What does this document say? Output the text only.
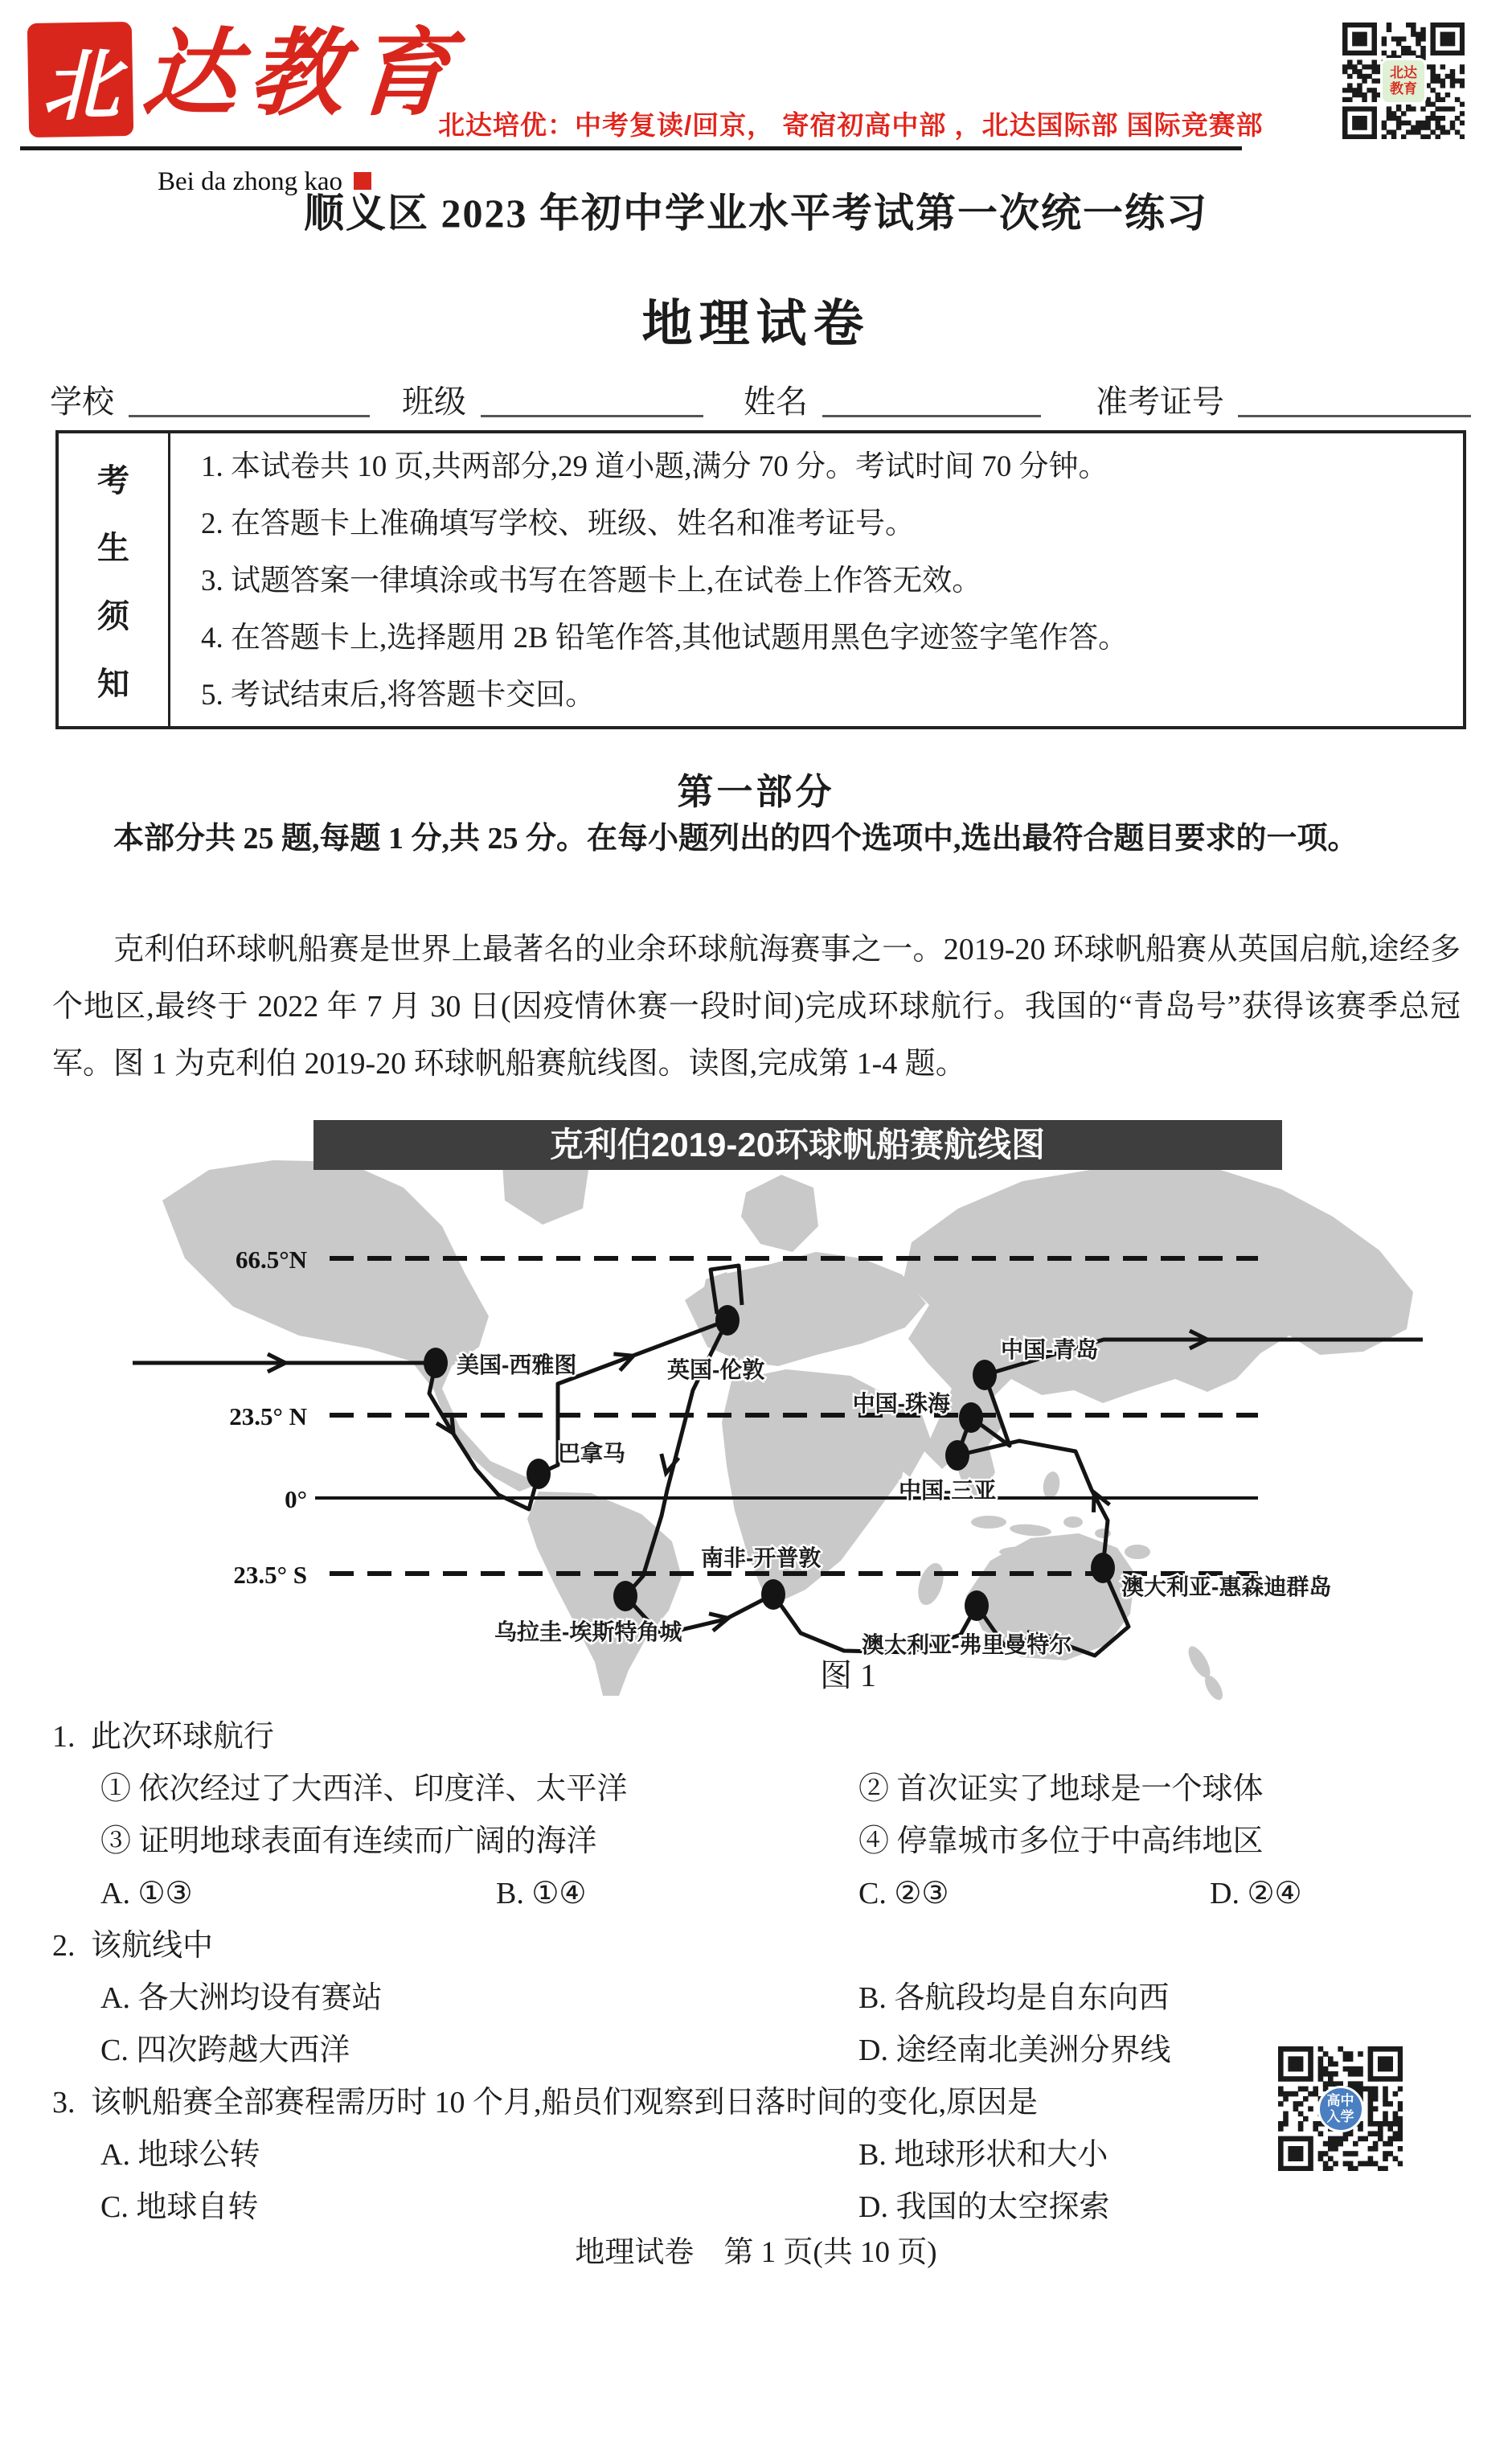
北 达教育
Bei da zhong kao
北达培优：中考复读/回京， 寄宿初高中部 ，北达国际部 国际竞赛部
北达
教育
顺义区 2023 年初中学业水平考试第一次统一练习
地理试卷
学校	班级	姓名	准考证号
考
生
须
知
1. 本试卷共 10 页,共两部分,29 道小题,满分 70 分。考试时间 70 分钟。
2. 在答题卡上准确填写学校、班级、姓名和准考证号。
3. 试题答案一律填涂或书写在答题卡上,在试卷上作答无效。
4. 在答题卡上,选择题用 2B 铅笔作答,其他试题用黑色字迹签字笔作答。
5. 考试结束后,将答题卡交回。
第一部分
本部分共 25 题,每题 1 分,共 25 分。在每小题列出的四个选项中,选出最符合题目要求的一项。
克利伯环球帆船赛是世界上最著名的业余环球航海赛事之一。2019-20 环球帆船赛从英国启航,途经多个地区,最终于 2022 年 7 月 30 日(因疫情休赛一段时间)完成环球航行。我国的“青岛号”获得该赛季总冠军。图 1 为克利伯 2019-20 环球帆船赛航线图。读图,完成第 1-4 题。
66.5°N
23.5° N
0°
23.5° S
美国-西雅图
巴拿马
英国-伦敦
中国-青岛
中国-珠海
中国-三亚
乌拉圭-埃斯特角城
南非-开普敦
澳大利亚-弗里曼特尔
澳大利亚-惠森迪群岛
克利伯2019-20环球帆船赛航线图
图 1
1. 此次环球航行
① 依次经过了大西洋、印度洋、太平洋	② 首次证实了地球是一个球体
③ 证明地球表面有连续而广阔的海洋	④ 停靠城市多位于中高纬地区
A. ①③	B. ①④	C. ②③	D. ②④
2. 该航线中
A. 各大洲均设有赛站	B. 各航段均是自东向西
C. 四次跨越大西洋	D. 途经南北美洲分界线
3. 该帆船赛全部赛程需历时 10 个月,船员们观察到日落时间的变化,原因是
A. 地球公转	B. 地球形状和大小
C. 地球自转	D. 我国的太空探索
高中
入学
地理试卷　第 1 页(共 10 页)
